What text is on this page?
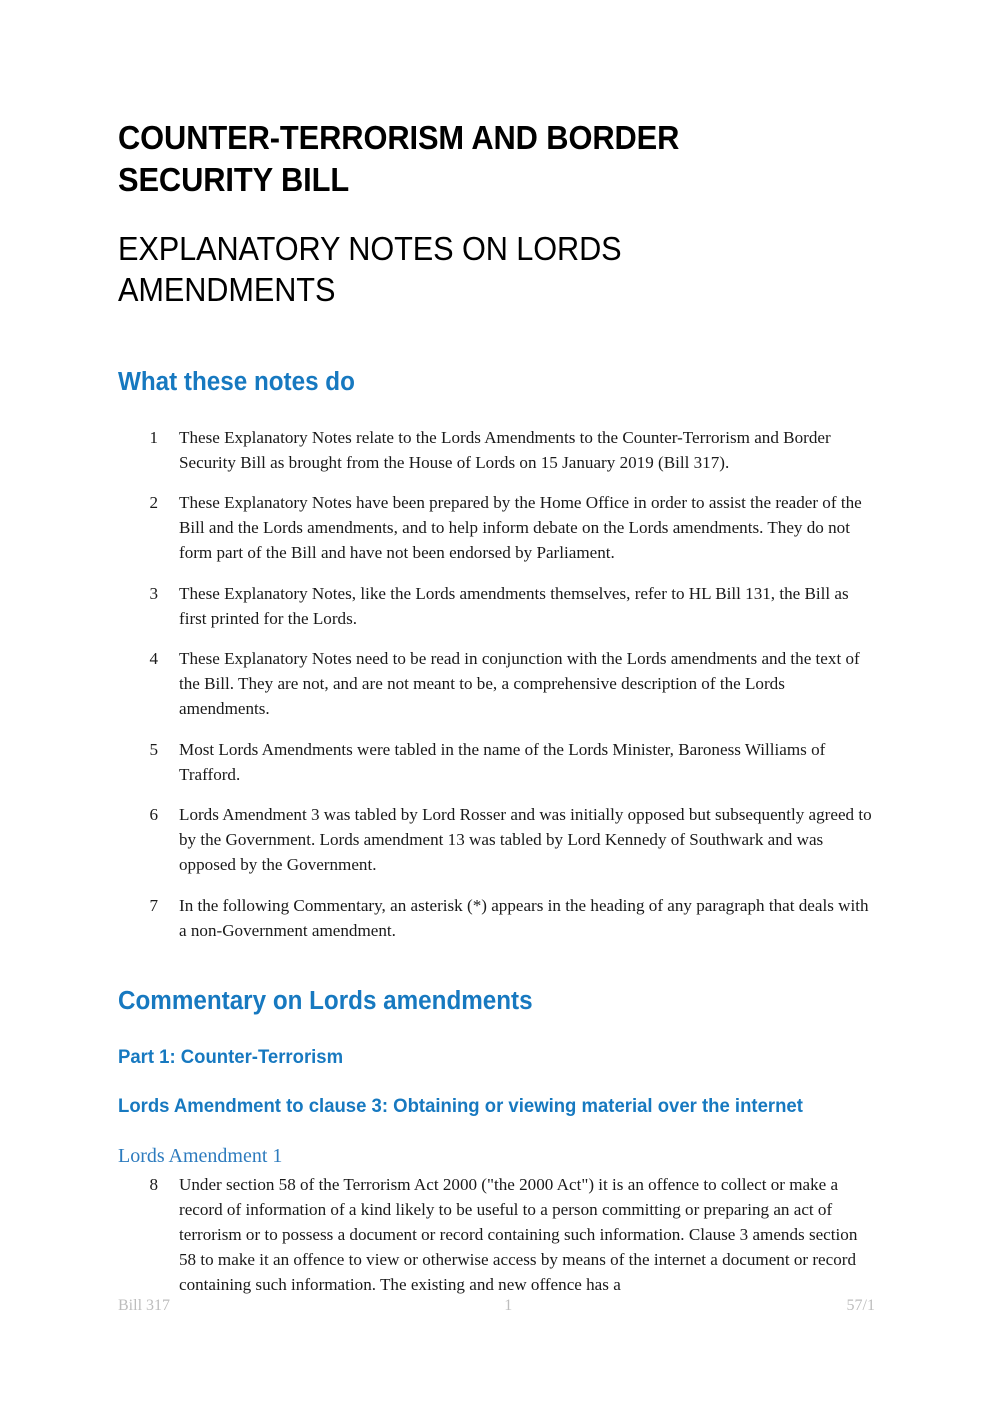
COUNTER-TERRORISM AND BORDER SECURITY BILL
EXPLANATORY NOTES ON LORDS AMENDMENTS
What these notes do
1	These Explanatory Notes relate to the Lords Amendments to the Counter-Terrorism and Border Security Bill as brought from the House of Lords on 15 January 2019 (Bill 317).
2	These Explanatory Notes have been prepared by the Home Office in order to assist the reader of the Bill and the Lords amendments, and to help inform debate on the Lords amendments. They do not form part of the Bill and have not been endorsed by Parliament.
3	These Explanatory Notes, like the Lords amendments themselves, refer to HL Bill 131, the Bill as first printed for the Lords.
4	These Explanatory Notes need to be read in conjunction with the Lords amendments and the text of the Bill. They are not, and are not meant to be, a comprehensive description of the Lords amendments.
5	Most Lords Amendments were tabled in the name of the Lords Minister, Baroness Williams of Trafford.
6	Lords Amendment 3 was tabled by Lord Rosser and was initially opposed but subsequently agreed to by the Government. Lords amendment 13 was tabled by Lord Kennedy of Southwark and was opposed by the Government.
7	In the following Commentary, an asterisk (*) appears in the heading of any paragraph that deals with a non-Government amendment.
Commentary on Lords amendments
Part 1: Counter-Terrorism
Lords Amendment to clause 3: Obtaining or viewing material over the internet
Lords Amendment 1
8	Under section 58 of the Terrorism Act 2000 ("the 2000 Act") it is an offence to collect or make a record of information of a kind likely to be useful to a person committing or preparing an act of terrorism or to possess a document or record containing such information. Clause 3 amends section 58 to make it an offence to view or otherwise access by means of the internet a document or record containing such information. The existing and new offence has a
Bill 317	1	57/1
